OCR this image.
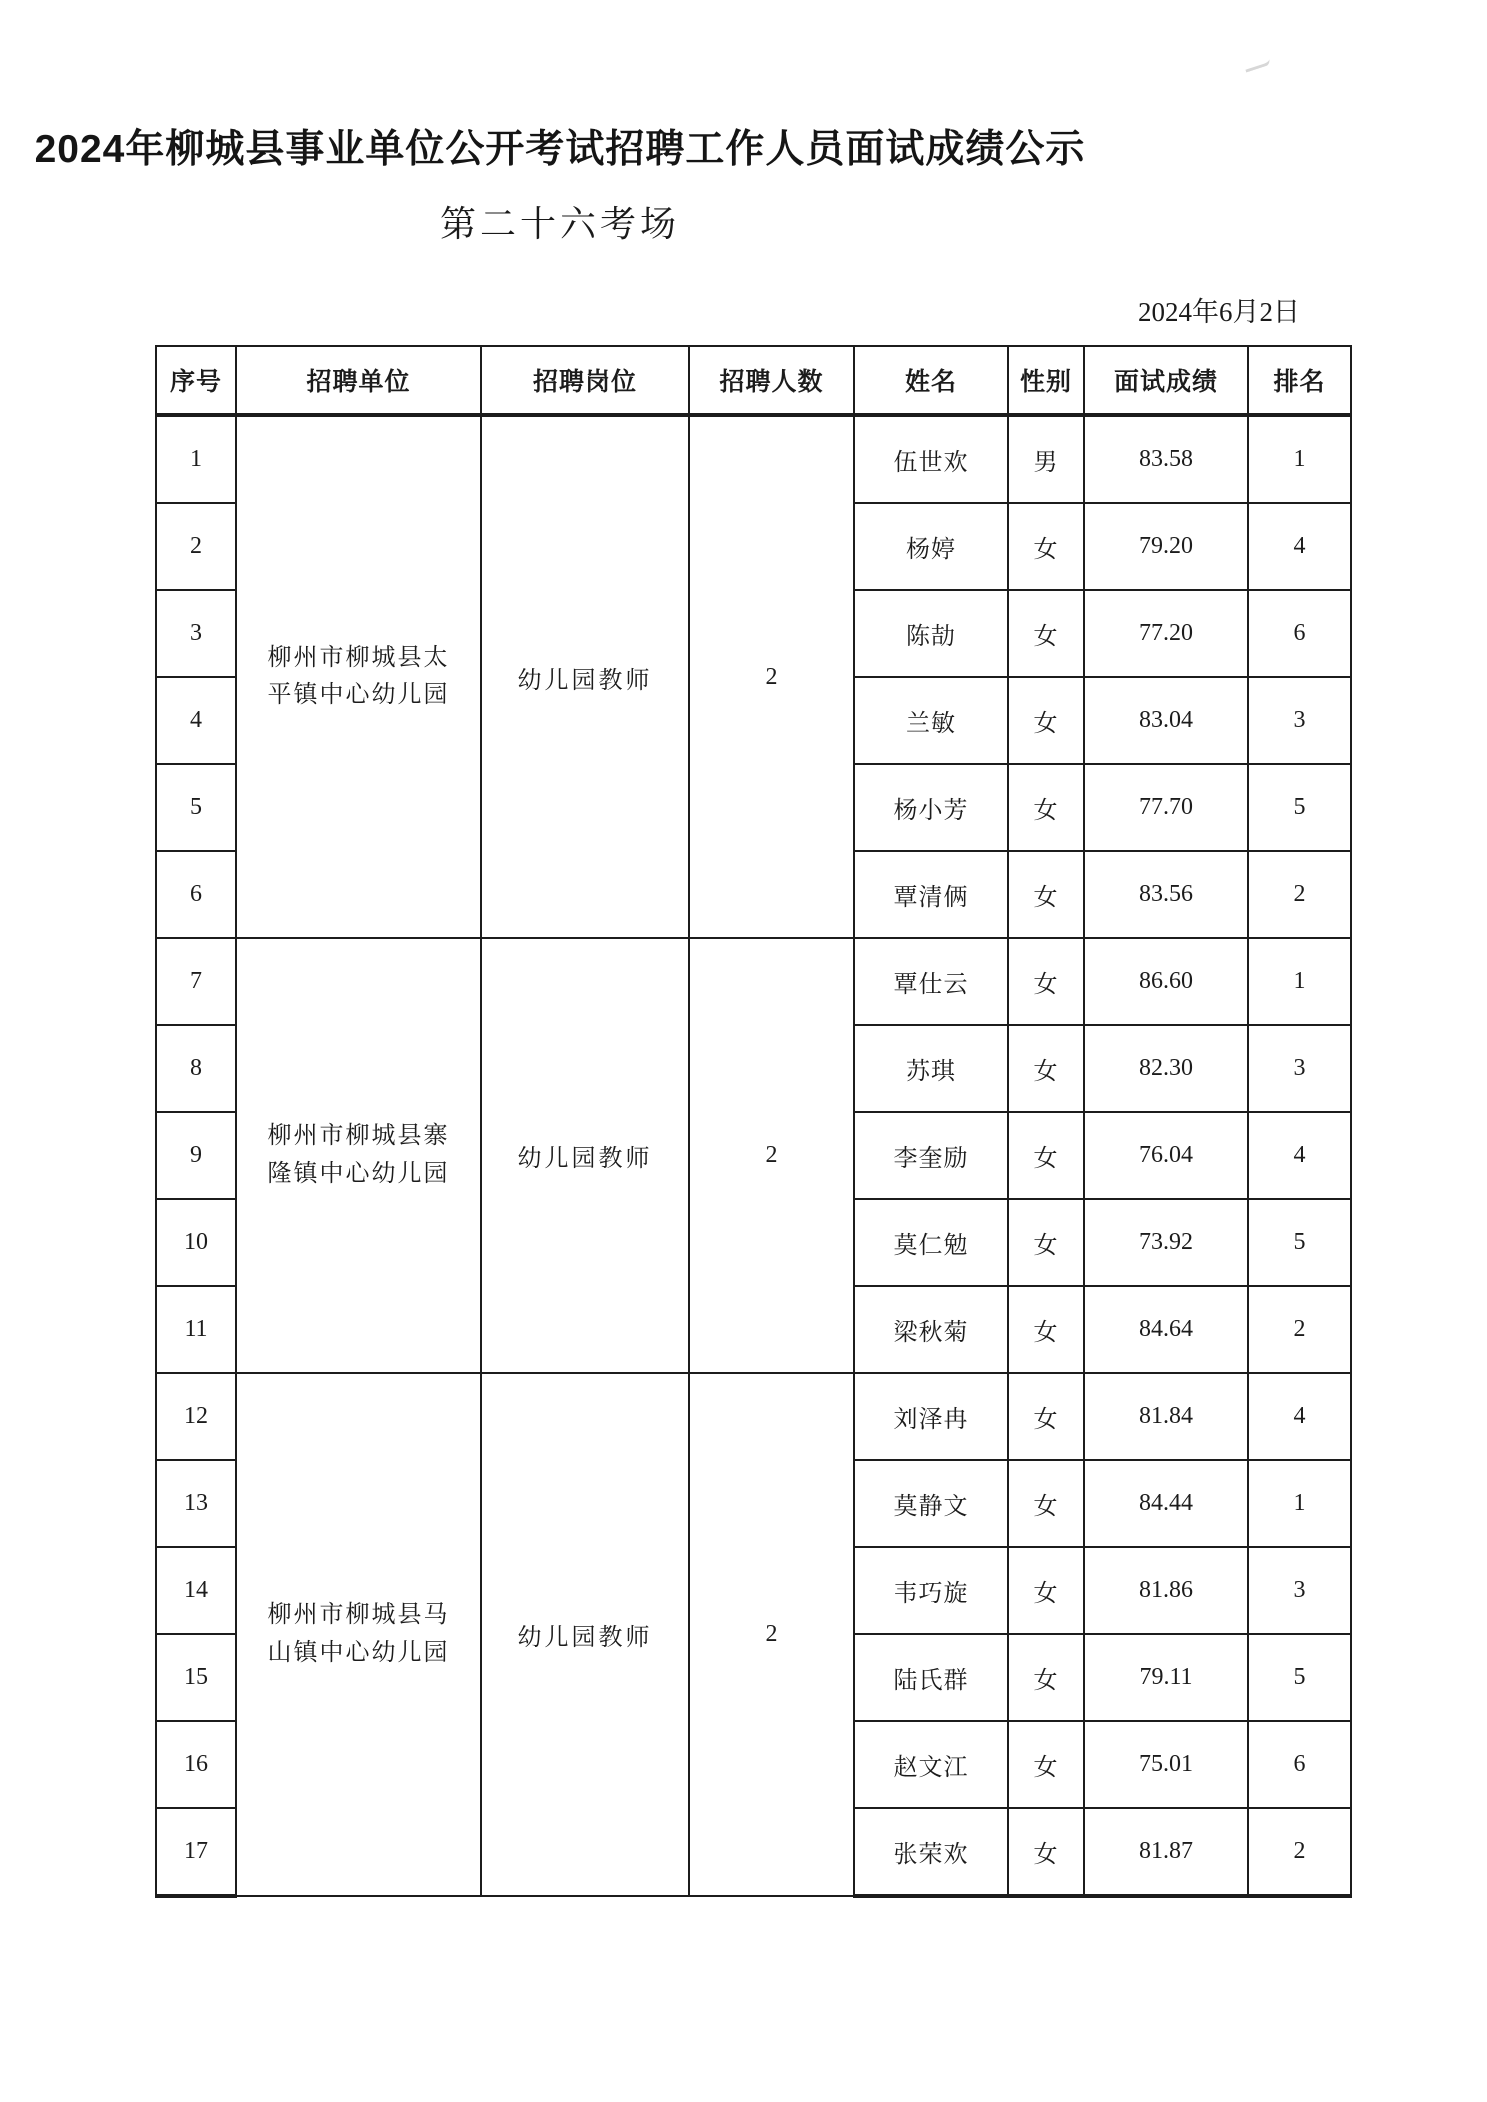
2024年柳城县事业单位公开考试招聘工作人员面试成绩公示
第二十六考场
2024年6月2日
序号	招聘单位	招聘岗位	招聘人数	姓名	性别	面试成绩	排名
1	柳州市柳城县太平镇中心幼儿园	幼儿园教师	2	伍世欢	男	83.58	1
2				杨婷	女	79.20	4
3				陈劼	女	77.20	6
4				兰敏	女	83.04	3
5				杨小芳	女	77.70	5
6				覃清俩	女	83.56	2
7	柳州市柳城县寨隆镇中心幼儿园	幼儿园教师	2	覃仕云	女	86.60	1
8				苏琪	女	82.30	3
9				李奎励	女	76.04	4
10				莫仁勉	女	73.92	5
11				梁秋菊	女	84.64	2
12	柳州市柳城县马山镇中心幼儿园	幼儿园教师	2	刘泽冉	女	81.84	4
13				莫静文	女	84.44	1
14				韦巧旋	女	81.86	3
15				陆氏群	女	79.11	5
16				赵文江	女	75.01	6
17				张荣欢	女	81.87	2
